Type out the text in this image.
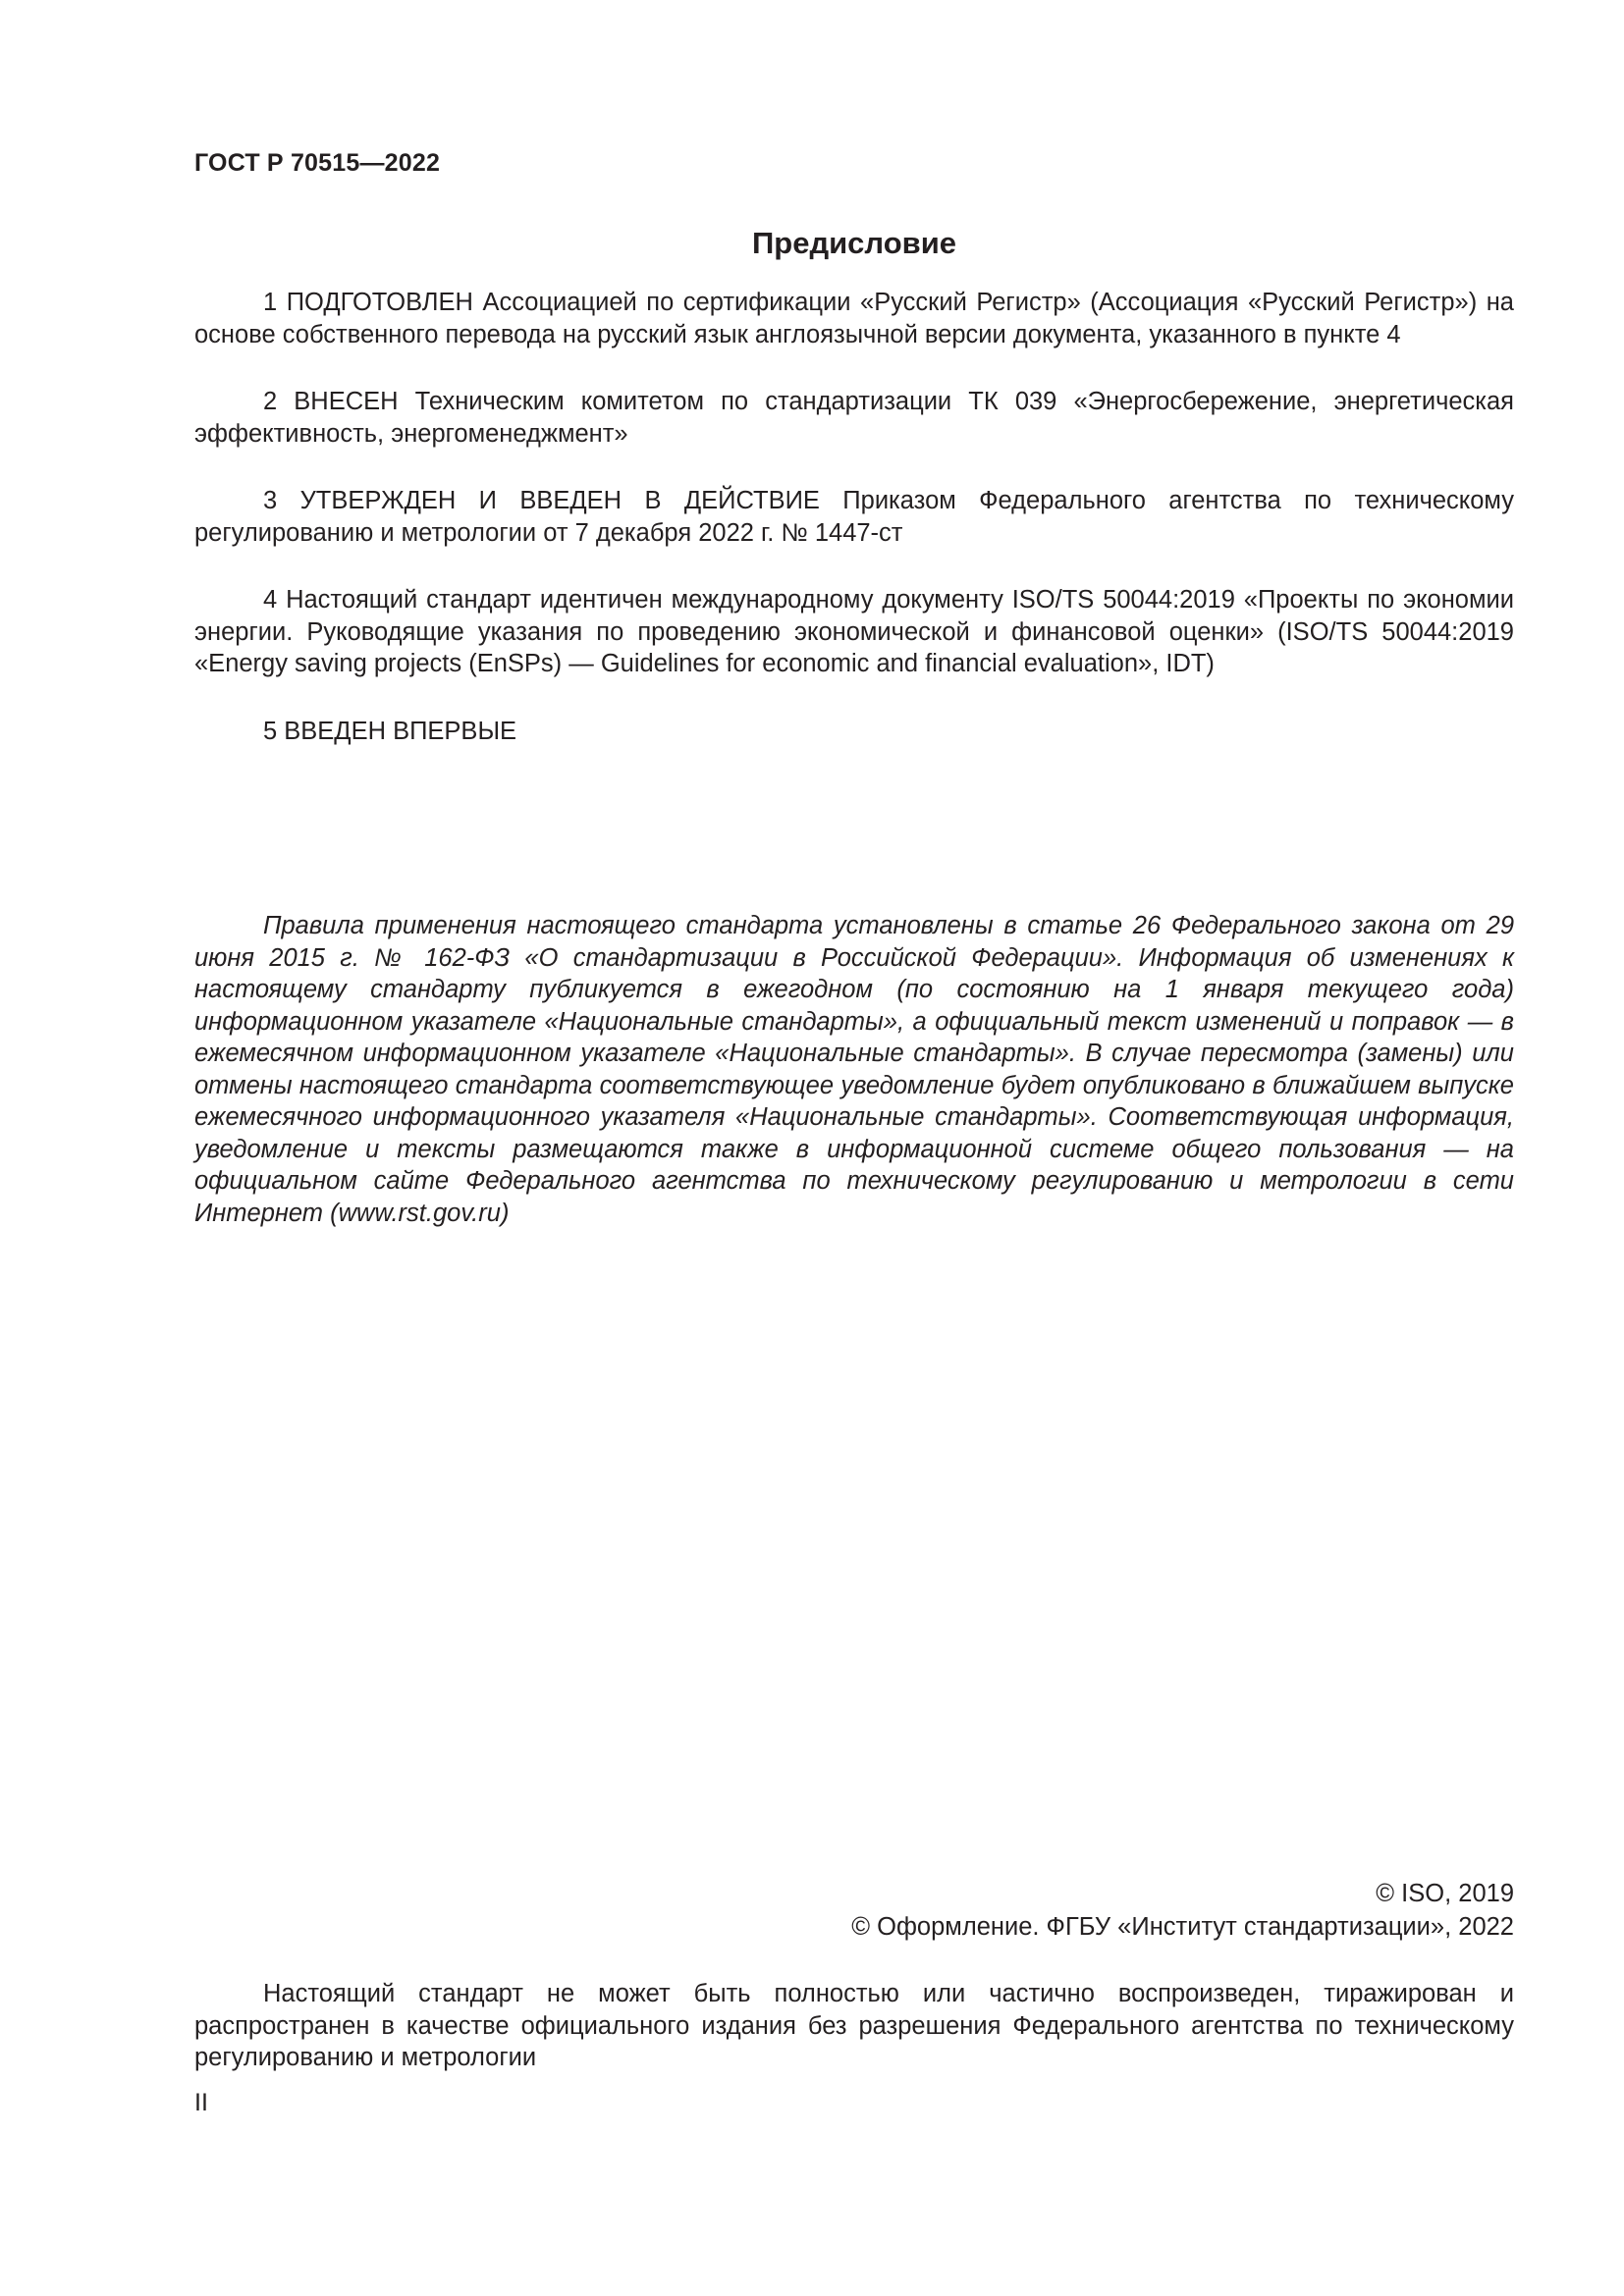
ГОСТ Р 70515—2022
Предисловие

1 ПОДГОТОВЛЕН Ассоциацией по сертификации «Русский Регистр» (Ассоциация «Русский Регистр») на основе собственного перевода на русский язык англоязычной версии документа, указанного в пункте 4

2 ВНЕСЕН Техническим комитетом по стандартизации ТК 039 «Энергосбережение, энергетическая эффективность, энергоменеджмент»

3 УТВЕРЖДЕН И ВВЕДЕН В ДЕЙСТВИЕ Приказом Федерального агентства по техническому регулированию и метрологии от 7 декабря 2022 г. № 1447-ст

4 Настоящий стандарт идентичен международному документу ISO/TS 50044:2019 «Проекты по экономии энергии. Руководящие указания по проведению экономической и финансовой оценки» (ISO/TS 50044:2019 «Energy saving projects (EnSPs) — Guidelines for economic and financial evaluation», IDT)

5 ВВЕДЕН ВПЕРВЫЕ

Правила применения настоящего стандарта установлены в статье 26 Федерального закона от 29 июня 2015 г. № 162-ФЗ «О стандартизации в Российской Федерации». Информация об изменениях к настоящему стандарту публикуется в ежегодном (по состоянию на 1 января текущего года) информационном указателе «Национальные стандарты», а официальный текст изменений и поправок — в ежемесячном информационном указателе «Национальные стандарты». В случае пересмотра (замены) или отмены настоящего стандарта соответствующее уведомление будет опубликовано в ближайшем выпуске ежемесячного информационного указателя «Национальные стандарты». Соответствующая информация, уведомление и тексты размещаются также в информационной системе общего пользования — на официальном сайте Федерального агентства по техническому регулированию и метрологии в сети Интернет (www.rst.gov.ru)
© ISO, 2019
© Оформление. ФГБУ «Институт стандартизации», 2022
Настоящий стандарт не может быть полностью или частично воспроизведен, тиражирован и распространен в качестве официального издания без разрешения Федерального агентства по техническому регулированию и метрологии
II
